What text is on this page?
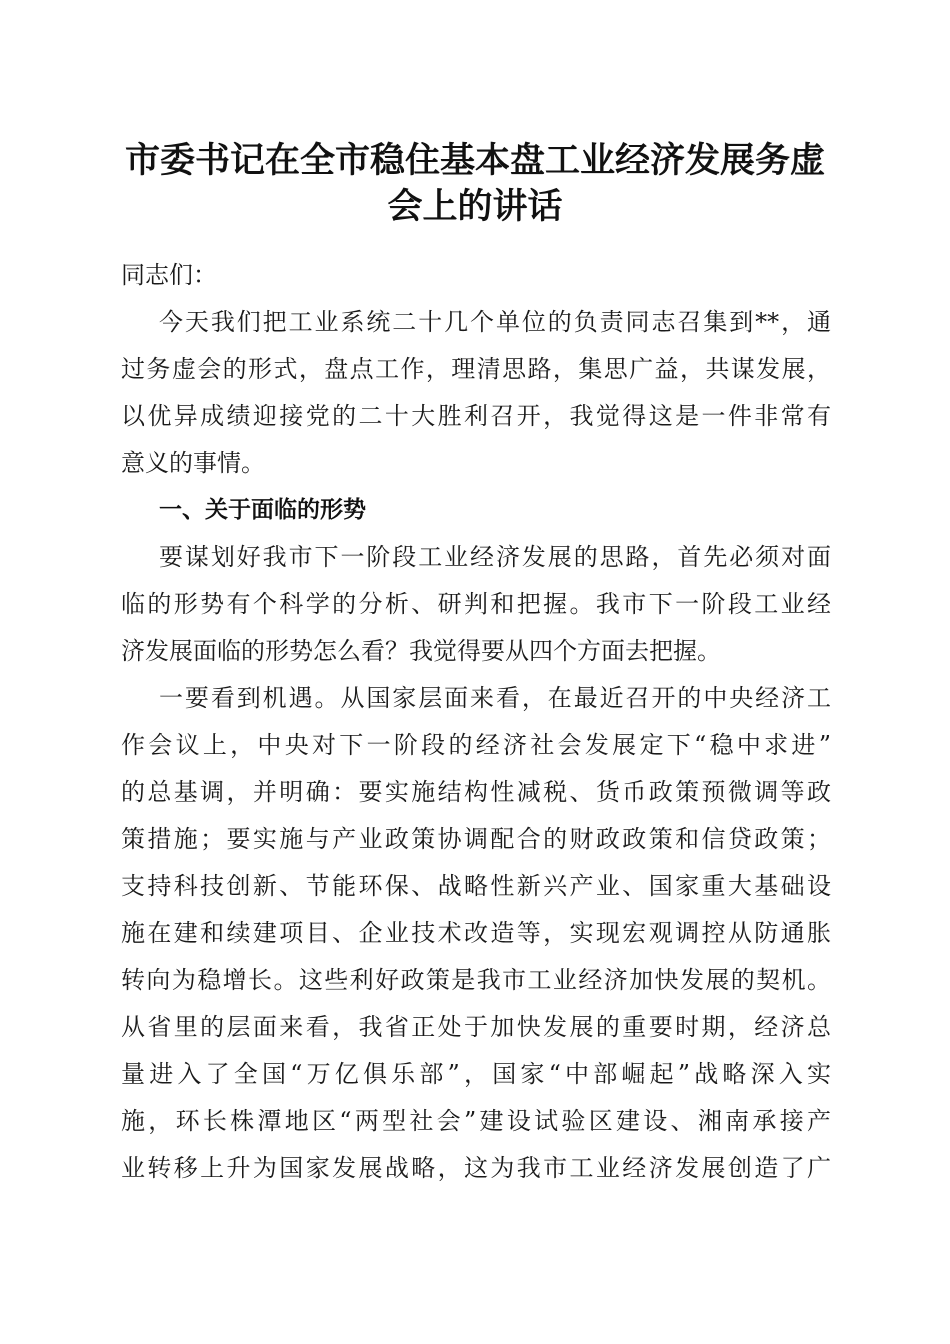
市委书记在全市稳住基本盘工业经济发展务虚
会上的讲话
同志们：
今天我们把工业系统二十几个单位的负责同志召集到**，通
过务虚会的形式，盘点工作，理清思路，集思广益，共谋发展，
以优异成绩迎接党的二十大胜利召开，我觉得这是一件非常有
意义的事情。
一、关于面临的形势
要谋划好我市下一阶段工业经济发展的思路，首先必须对面
临的形势有个科学的分析、研判和把握。我市下一阶段工业经
济发展面临的形势怎么看？我觉得要从四个方面去把握。
一要看到机遇。从国家层面来看，在最近召开的中央经济工
作会议上，中央对下一阶段的经济社会发展定下“稳中求进”
的总基调，并明确：要实施结构性减税、货币政策预微调等政
策措施；要实施与产业政策协调配合的财政政策和信贷政策；
支持科技创新、节能环保、战略性新兴产业、国家重大基础设
施在建和续建项目、企业技术改造等，实现宏观调控从防通胀
转向为稳增长。这些利好政策是我市工业经济加快发展的契机。
从省里的层面来看，我省正处于加快发展的重要时期，经济总
量进入了全国“万亿俱乐部”，国家“中部崛起”战略深入实
施，环长株潭地区“两型社会”建设试验区建设、湘南承接产
业转移上升为国家发展战略，这为我市工业经济发展创造了广
